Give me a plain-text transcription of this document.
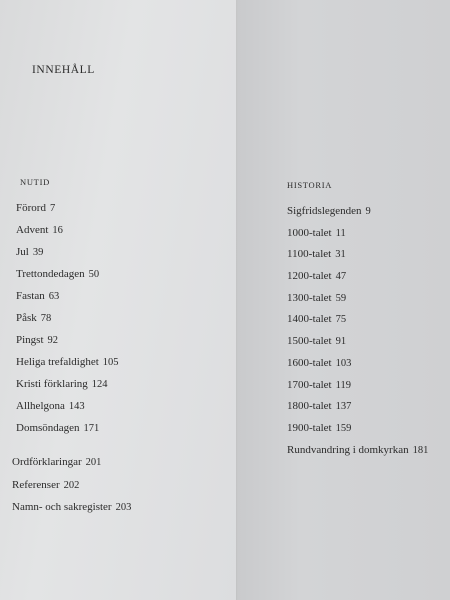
INNEHÅLL
NUTID
Förord 7
Advent 16
Jul 39
Trettondedagen 50
Fastan 63
Påsk 78
Pingst 92
Heliga trefaldighet 105
Kristi förklaring 124
Allhelgona 143
Domsöndagen 171
Ordförklaringar 201
Referenser 202
Namn- och sakregister 203
HISTORIA
Sigfridslegenden 9
1000-talet 11
1100-talet 31
1200-talet 47
1300-talet 59
1400-talet 75
1500-talet 91
1600-talet 103
1700-talet 119
1800-talet 137
1900-talet 159
Rundvandring i domkyrkan 181
